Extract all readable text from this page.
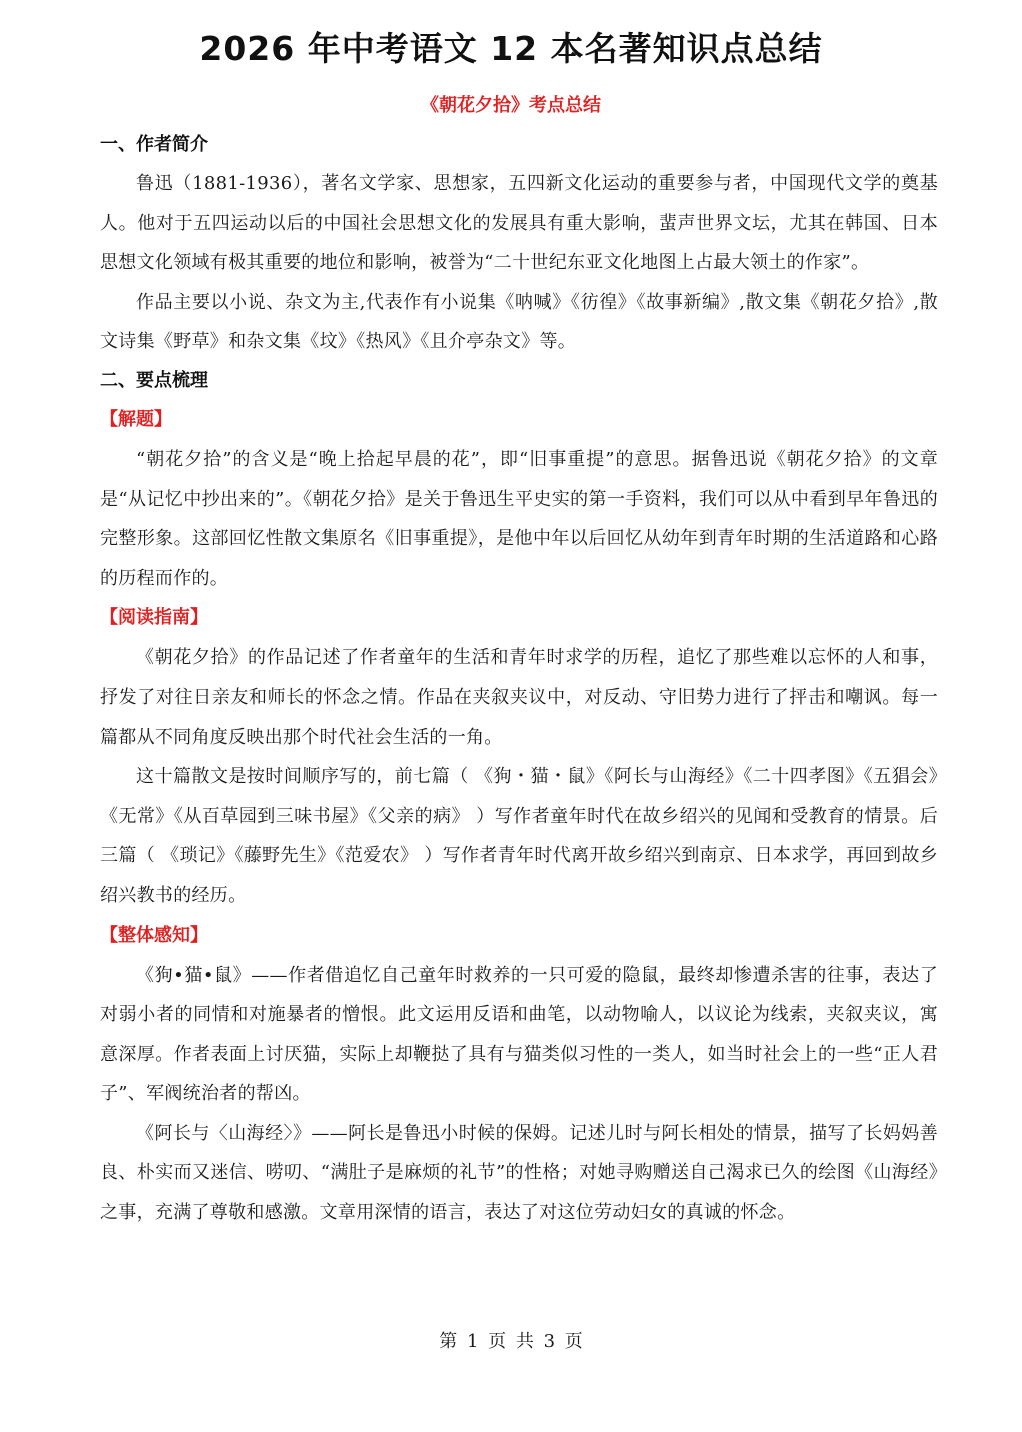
2026 年中考语文 12 本名著知识点总结
《朝花夕拾》考点总结
一、作者简介

鲁迅（1881-1936），著名文学家、思想家，五四新文化运动的重要参与者，中国现代文学的奠基人。他对于五四运动以后的中国社会思想文化的发展具有重大影响，蜚声世界文坛，尤其在韩国、日本思想文化领域有极其重要的地位和影响，被誉为“二十世纪东亚文化地图上占最大领土的作家”。

作品主要以小说、杂文为主,代表作有小说集《呐喊》《彷徨》《故事新编》,散文集《朝花夕拾》,散文诗集《野草》和杂文集《坟》《热风》《且介亭杂文》等。

二、要点梳理
【解题】

“朝花夕拾”的含义是“晚上拾起早晨的花”，即“旧事重提”的意思。据鲁迅说《朝花夕拾》的文章是“从记忆中抄出来的”。《朝花夕拾》是关于鲁迅生平史实的第一手资料，我们可以从中看到早年鲁迅的完整形象。这部回忆性散文集原名《旧事重提》，是他中年以后回忆从幼年到青年时期的生活道路和心路的历程而作的。

【阅读指南】

《朝花夕拾》的作品记述了作者童年的生活和青年时求学的历程，追忆了那些难以忘怀的人和事，抒发了对往日亲友和师长的怀念之情。作品在夹叙夹议中，对反动、守旧势力进行了抨击和嘲讽。每一篇都从不同角度反映出那个时代社会生活的一角。

这十篇散文是按时间顺序写的，前七篇（ 《狗・猫・鼠》《阿长与山海经》《二十四孝图》《五猖会》《无常》《从百草园到三味书屋》《父亲的病》 ）写作者童年时代在故乡绍兴的见闻和受教育的情景。后三篇（ 《琐记》《藤野先生》《范爱农》 ）写作者青年时代离开故乡绍兴到南京、日本求学，再回到故乡绍兴教书的经历。

【整体感知】

《狗•猫•鼠》——作者借追忆自己童年时救养的一只可爱的隐鼠，最终却惨遭杀害的往事，表达了对弱小者的同情和对施暴者的憎恨。此文运用反语和曲笔，以动物喻人，以议论为线索，夹叙夹议，寓意深厚。作者表面上讨厌猫，实际上却鞭挞了具有与猫类似习性的一类人，如当时社会上的一些“正人君子”、军阀统治者的帮凶。

《阿长与〈山海经〉》——阿长是鲁迅小时候的保姆。记述儿时与阿长相处的情景，描写了长妈妈善良、朴实而又迷信、唠叨、“满肚子是麻烦的礼节”的性格；对她寻购赠送自己渴求已久的绘图《山海经》之事，充满了尊敬和感激。文章用深情的语言，表达了对这位劳动妇女的真诚的怀念。

第 1 页 共 3 页
